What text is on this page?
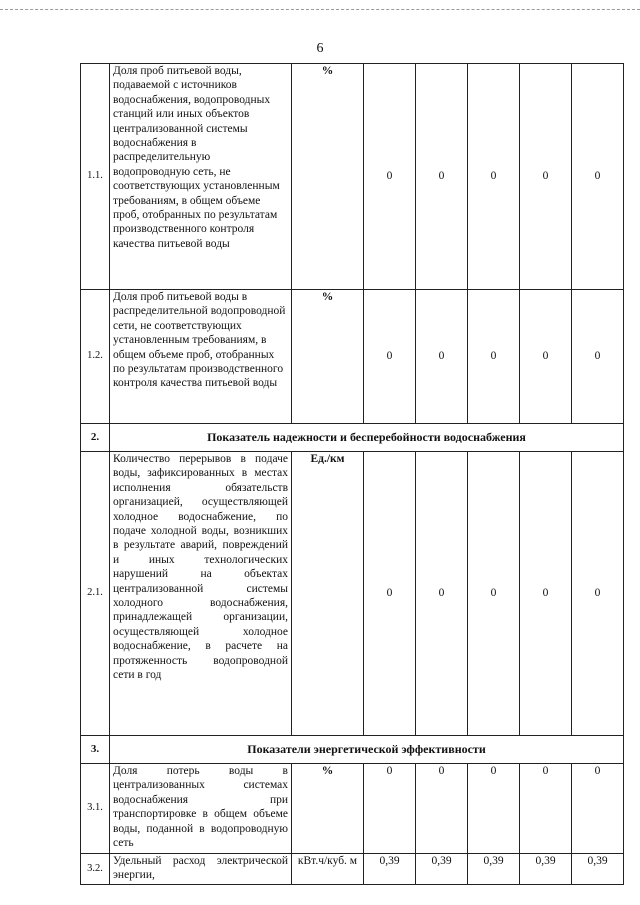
6
1.1.	Доля проб питьевой воды, подаваемой с источников водоснабжения, водопроводных станций или иных объектов централизованной системы водоснабжения в распределительную водопроводную сеть, не соответствующих установленным требованиям, в общем объеме проб, отобранных по результатам производственного контроля качества питьевой воды	%	0	0	0	0	0
1.2.	Доля проб питьевой воды в распределительной водопроводной сети, не соответствующих установленным требованиям, в общем объеме проб, отобранных по результатам производственного контроля качества питьевой воды	%	0	0	0	0	0
2.	Показатель надежности и бесперебойности водоснабжения						
2.1.	Количество перерывов в подаче воды, зафиксированных в местах исполнения обязательств организацией, осуществляющей холодное водоснабжение, по подаче холодной воды, возникших в результате аварий, повреждений и иных технологических нарушений на объектах централизованной системы холодного водоснабжения, принадлежащей организации, осуществляющей холодное водоснабжение, в расчете на протяженность водопроводной сети в год	Ед./км	0	0	0	0	0
3.	Показатели энергетической эффективности						
3.1.	Доля потерь воды в централизованных системах водоснабжения при транспортировке в общем объеме воды, поданной в водопроводную сеть	%	0	0	0	0	0
3.2.	Удельный расход электрической энергии,	кВт.ч/куб. м	0,39	0,39	0,39	0,39	0,39
